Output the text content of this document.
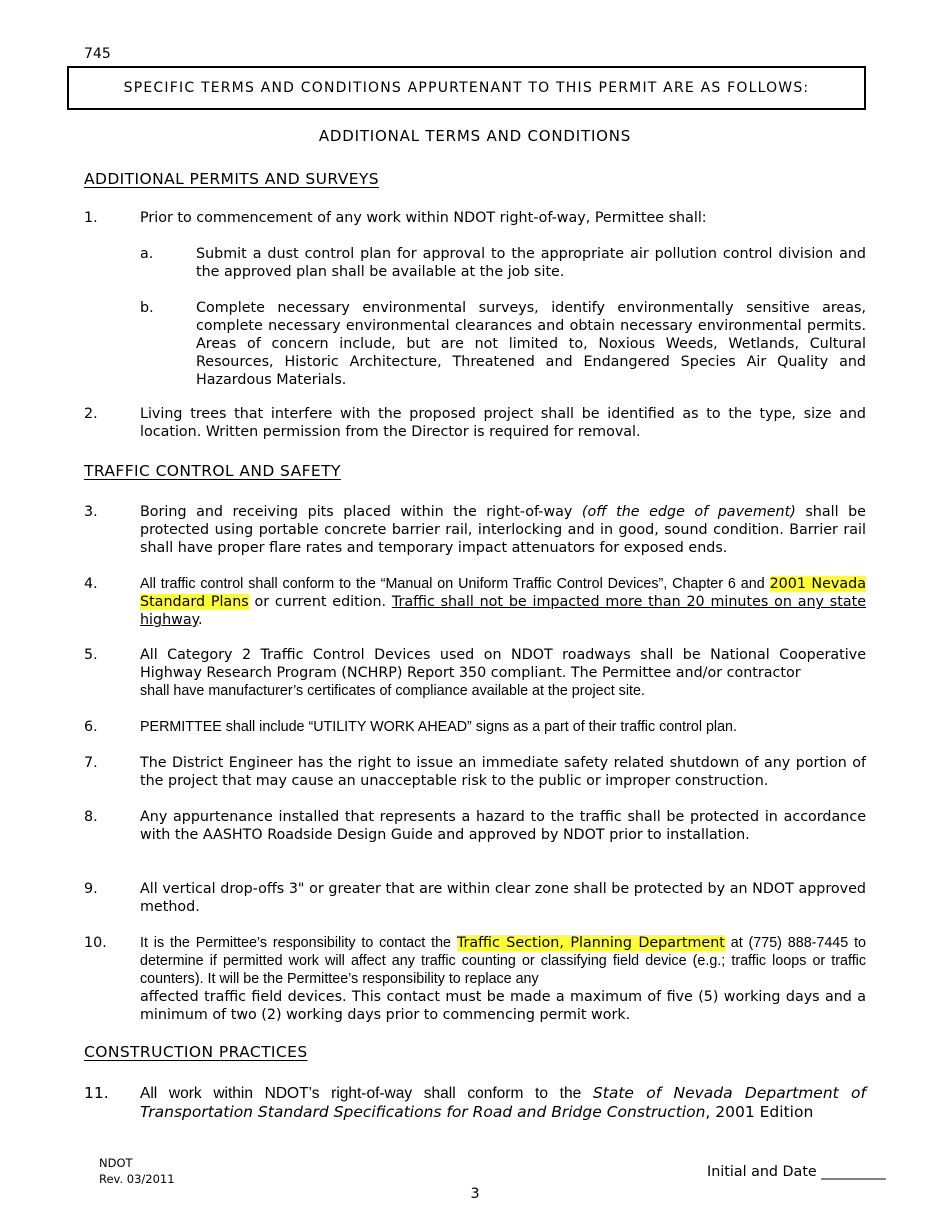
745
SPECIFIC TERMS AND CONDITIONS APPURTENANT TO THIS PERMIT ARE AS FOLLOWS:
ADDITIONAL TERMS AND CONDITIONS
ADDITIONAL PERMITS AND SURVEYS
1.	Prior to commencement of any work within NDOT right-of-way, Permittee shall:
a.	Submit a dust control plan for approval to the appropriate air pollution control division and the approved plan shall be available at the job site.
b.	Complete necessary environmental surveys, identify environmentally sensitive areas, complete necessary environmental clearances and obtain necessary environmental permits. Areas of concern include, but are not limited to, Noxious Weeds, Wetlands, Cultural Resources, Historic Architecture, Threatened and Endangered Species Air Quality and Hazardous Materials.
2.	Living trees that interfere with the proposed project shall be identified as to the type, size and location. Written permission from the Director is required for removal.
TRAFFIC CONTROL AND SAFETY
3.	Boring and receiving pits placed within the right-of-way (off the edge of pavement) shall be protected using portable concrete barrier rail, interlocking and in good, sound condition. Barrier rail shall have proper flare rates and temporary impact attenuators for exposed ends.
4.	All traffic control shall conform to the “Manual on Uniform Traffic Control Devices”, Chapter 6 and 2001 Nevada Standard Plans or current edition. Traffic shall not be impacted more than 20 minutes on any state highway.
5.	All Category 2 Traffic Control Devices used on NDOT roadways shall be National Cooperative Highway Research Program (NCHRP) Report 350 compliant. The Permittee and/or contractor
shall have manufacturer’s certificates of compliance available at the project site.
6.	PERMITTEE shall include “UTILITY WORK AHEAD” signs as a part of their traffic control plan.
7.	The District Engineer has the right to issue an immediate safety related shutdown of any portion of the project that may cause an unacceptable risk to the public or improper construction.
8.	Any appurtenance installed that represents a hazard to the traffic shall be protected in accordance with the AASHTO Roadside Design Guide and approved by NDOT prior to installation.
9.	All vertical drop-offs 3" or greater that are within clear zone shall be protected by an NDOT approved method.
10. It is the Permittee’s responsibility to contact the Traffic Section, Planning Department at (775) 888-7445 to determine if permitted work will affect any traffic counting or classifying field device (e.g.; traffic loops or traffic counters). It will be the Permittee’s responsibility to replace any
affected traffic field devices. This contact must be made a maximum of five (5) working days and a minimum of two (2) working days prior to commencing permit work.
CONSTRUCTION PRACTICES
11. All work within NDOT’s right-of-way shall conform to the State of Nevada Department of Transportation Standard Specifications for Road and Bridge Construction, 2001 Edition
NDOT
Rev. 03/2011	Initial and Date _________
3
